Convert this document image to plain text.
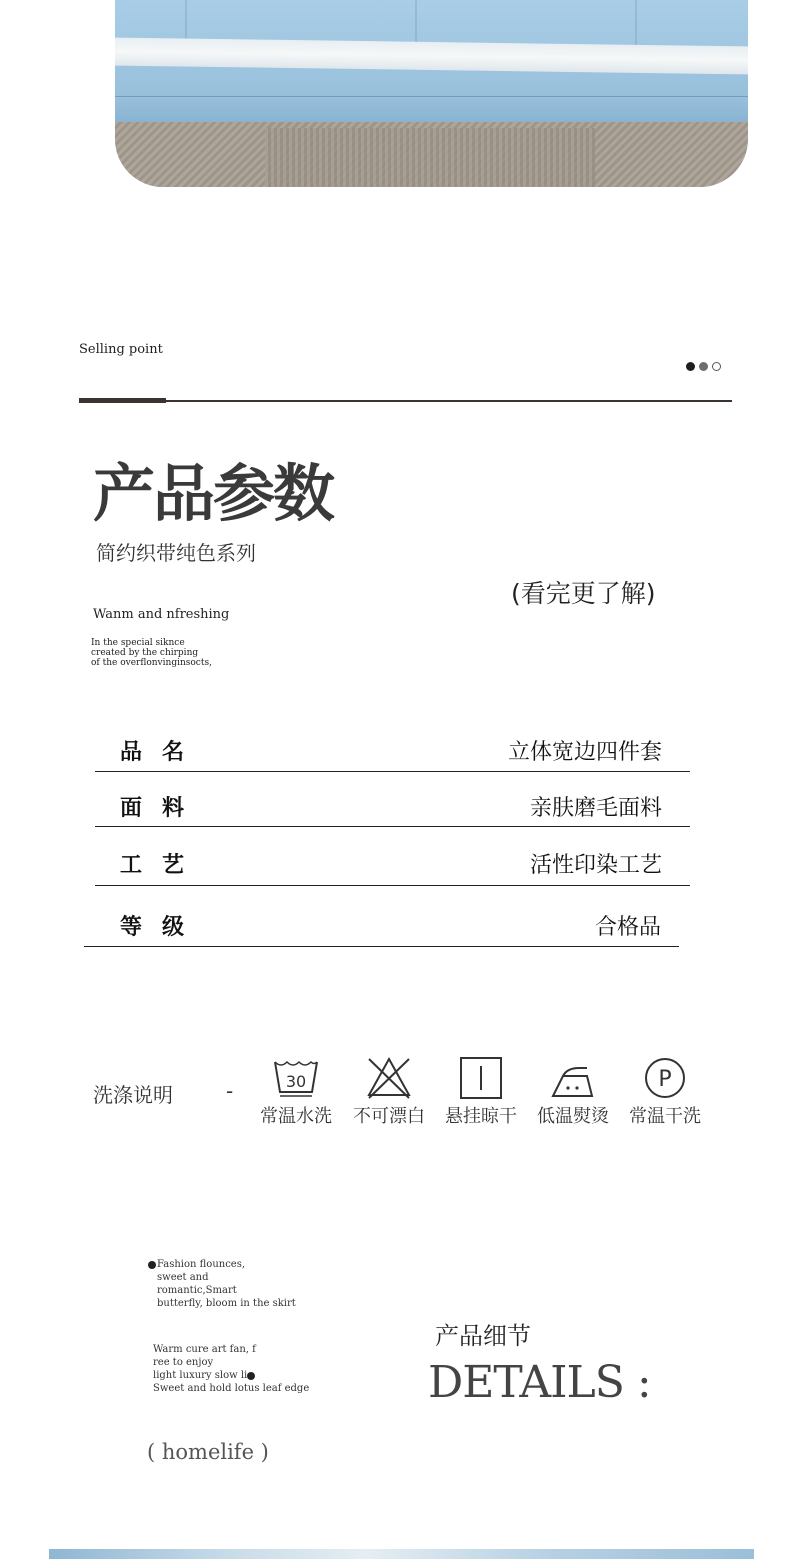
Selling point
产品参数
简约织带纯色系列
(看完更了解)
Wanm and nfreshing
In the special siknce
created by the chirping
of the overflonvinginsocts,
品名	立体宽边四件套
面料	亲肤磨毛面料
工艺	活性印染工艺
等级	合格品
洗涤说明	-	30
常温水洗	不可漂白	悬挂晾干	低温熨烫
P
常温干洗
Fashion flounces,
sweet and
romantic,Smart
butterfly, bloom in the skirt
Warm cure art fan, f
ree to enjoy
light luxury slow li
Sweet and hold lotus leaf edge
产品细节
DETAILS :
( homelife )
